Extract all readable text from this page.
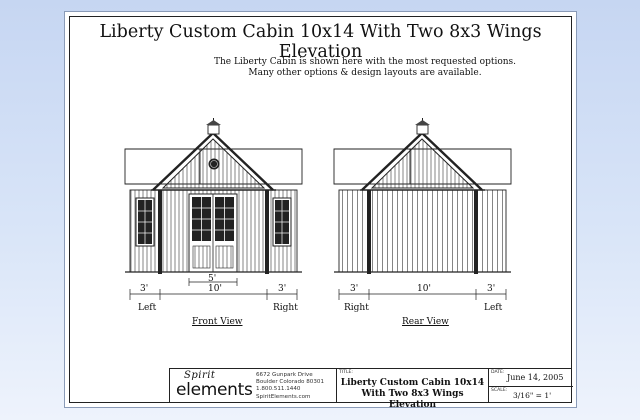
Liberty Custom Cabin 10x14 With Two 8x3 Wings Elevation
The Liberty Cabin is shown here with the most requested options.
Many other options & design layouts are available.
5'
3'	10'	3'
Left	Right
Front View
3'	10'	3'
Right	Left
Rear View
Spirit
elements
6672 Gunpark Drive
Boulder Colorado 80301
1.800.511.1440
SpiritElements.com
TITLE:
Liberty Custom Cabin 10x14
With Two 8x3 Wings Elevation
DATE:
June 14, 2005
SCALE:
3/16" = 1'
